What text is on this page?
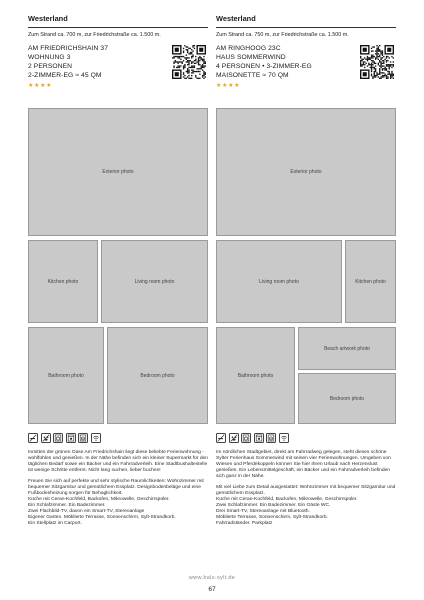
Westerland
Zum Strand ca. 700 m, zur Friedrichstraße ca. 1.500 m.
AM FRIEDRICHSHAIN 37
WOHNUNG 3
2 PERSONEN
2-ZIMMER-EG ≈ 45 QM
★★★★
Westerland
Zum Strand ca. 750 m, zur Friedrichstraße ca. 1.500 m.
AM RINGHOOG 23C
HAUS SOMMERWIND
4 PERSONEN • 3-ZIMMER-EG
MAISONETTE ≈ 70 QM
★★★★
Exterior photo
Kitchen photo	Living room photo
Bathroom photo	Bedroom photo
Exterior photo
Living room photo	Kitchen photo
Bathroom photo
Beach artwork photo
Bedroom photo

Inmitten der grünen Oase Am Friedrichshain liegt diese beliebte Ferienwohnung - wohlfühlen und genießen. In der Nähe befinden sich ein kleiner Supermarkt für den täglichen Bedarf sowie ein Bäcker und ein Fahrradverleih. Eine Stadtbushaltestelle ist wenige Schritte entfernt. Nicht lang suchen, lieber buchen!

Freuen Sie sich auf perfekte und sehr stylische Raumlichkeiten: Wohnzimmer mit bequemer Sitzgarnitur und gemütlichem Essplatz. Designbodenbeläge und eine Fußbodenheizung sorgen für Behaglichkeit.
Küche mit Ceran-Kochfeld, Backofen, Mikrowelle, Geschirrspüler.
Ein Schlafzimmer. Ein Badezimmer.
Zwei Flachbild-TV, davon ein Smart-TV, Stereoanlage
Eigener Garten. Möblierte Terrasse, Sonnenschirm, Sylt-Strandkorb.
Ein Stellplatz im Carport.

Im nördlichen Stadtgebiet, direkt am Fahrradweg gelegen, steht dieses schöne Sylter Ferienhaus Sommerwind mit seinen vier Ferienwohnungen. Umgeben von Wiesen und Pferdekoppeln können Sie hier Ihren Urlaub nach Herzenslust genießen. Ein Lebensmittelgeschäft, ein Bäcker und ein Fahrradverleih befinden sich ganz in der Nähe.

Mit viel Liebe zum Detail ausgestattet: Wohnzimmer mit bequemer Sitzgarnitur und gemütlichem Essplatz.
Küche mit Ceran-Kochfeld, Backofen, Mikrowelle, Geschirrspüler.
Zwei Schlafzimmer. Ein Badezimmer. Ein Gäste WC.
Drei Smart-TV, Stereoanlage mit Bluetooth.
Möblierte Terrasse, Sonnenschirm, Sylt-Strandkorb.
Fahrradständer. Parkplatz

www.bals-sylt.de
67
